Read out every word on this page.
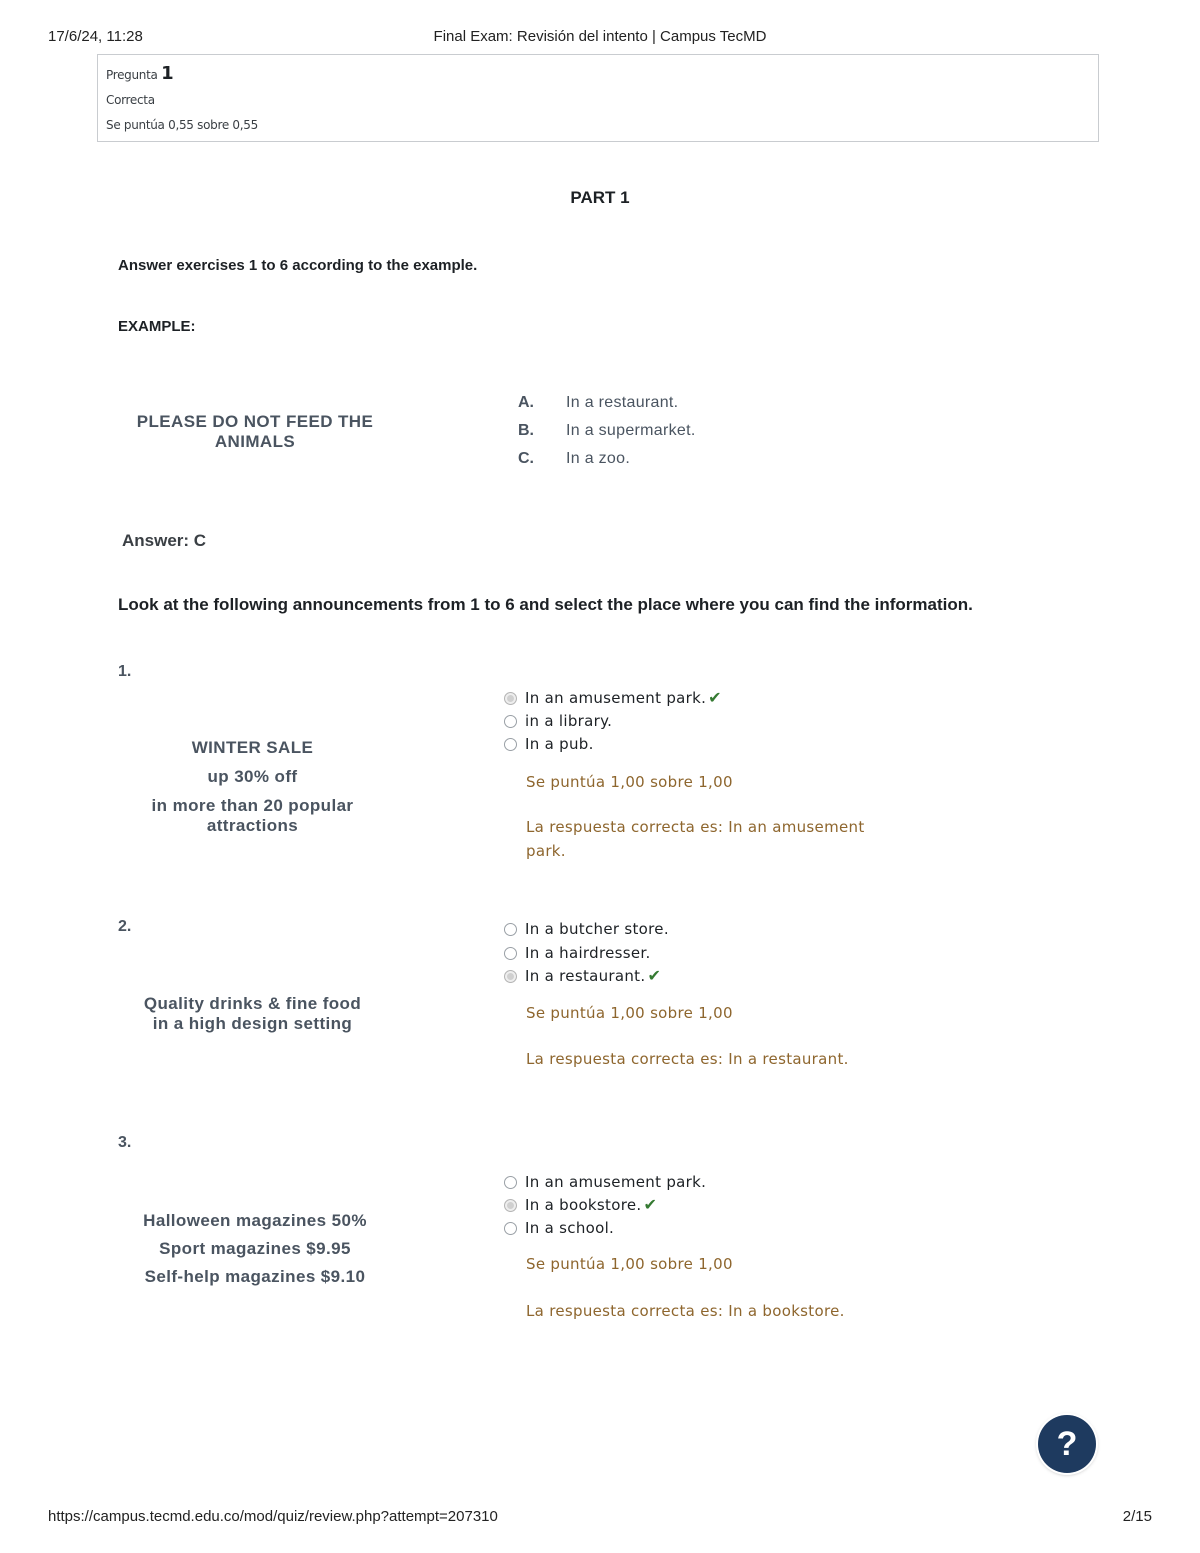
17/6/24, 11:28	Final Exam: Revisión del intento | Campus TecMD
Pregunta 1
Correcta
Se puntúa 0,55 sobre 0,55
PART 1
Answer exercises 1 to 6 according to the example.
EXAMPLE:
PLEASE DO NOT FEED THE
ANIMALS
A.	In a restaurant.
B.	In a supermarket.
C.	In a zoo.
Answer: C
Look at the following announcements from 1 to 6 and select the place where you can find the information.
1.
WINTER SALE
up 30% off
in more than 20 popular
attractions
In an amusement park. ✔
in a library.
In a pub.
Se puntúa 1,00 sobre 1,00
La respuesta correcta es: In an amusement
park.
2.
Quality drinks & fine food
in a high design setting
In a butcher store.
In a hairdresser.
In a restaurant. ✔
Se puntúa 1,00 sobre 1,00
La respuesta correcta es: In a restaurant.
3.
Halloween magazines 50%
Sport magazines $9.95
Self-help magazines $9.10
In an amusement park.
In a bookstore. ✔
In a school.
Se puntúa 1,00 sobre 1,00
La respuesta correcta es: In a bookstore.
?
https://campus.tecmd.edu.co/mod/quiz/review.php?attempt=207310	2/15
